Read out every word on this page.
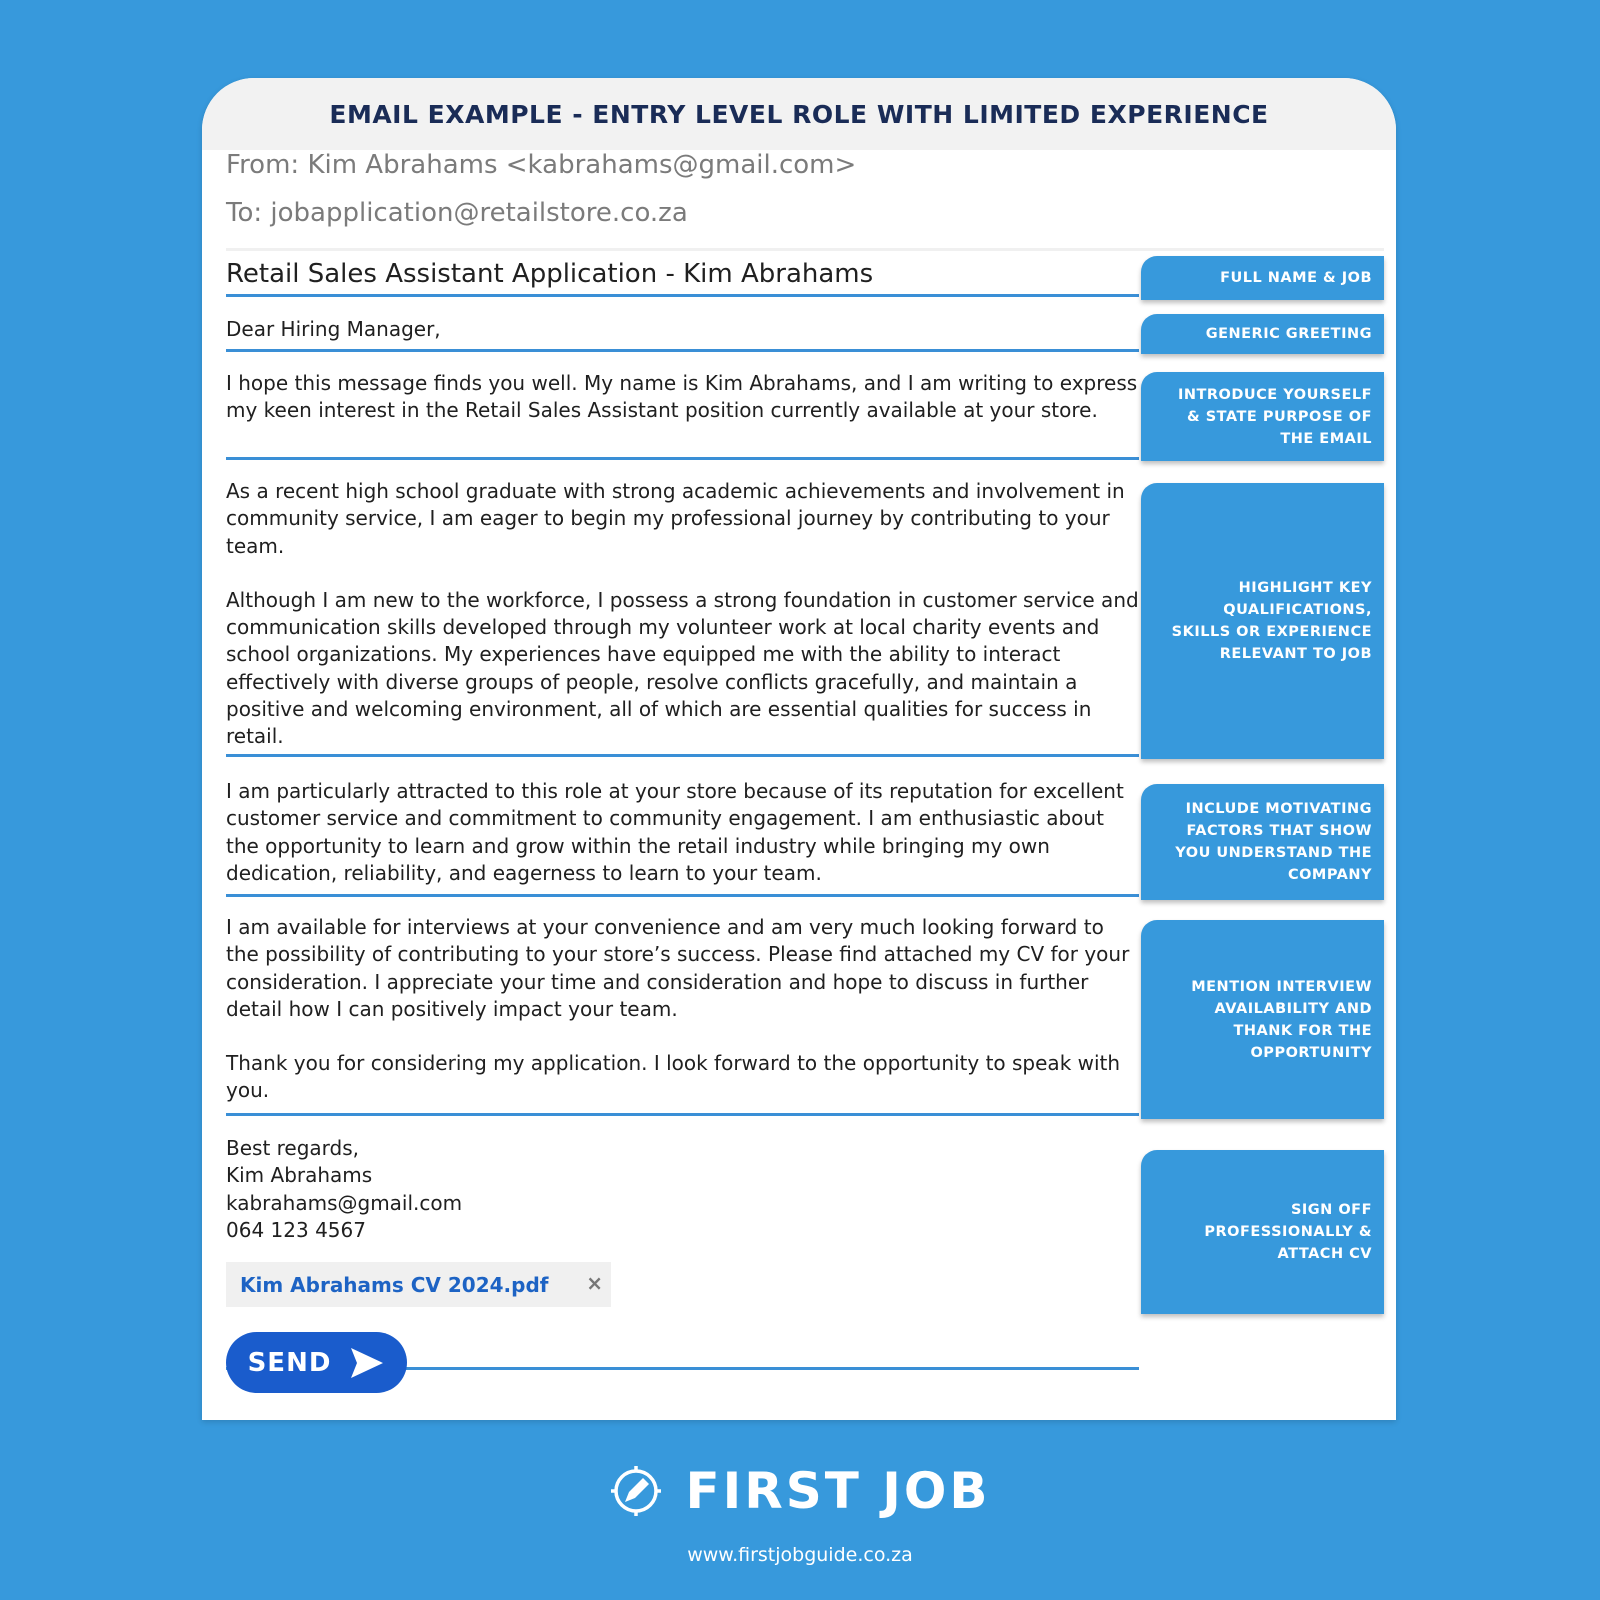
EMAIL EXAMPLE - ENTRY LEVEL ROLE WITH LIMITED EXPERIENCE
From: Kim Abrahams <kabrahams@gmail.com>
To: jobapplication@retailstore.co.za
Retail Sales Assistant Application - Kim Abrahams

Dear Hiring Manager,

I hope this message finds you well. My name is Kim Abrahams, and I am writing to express my keen interest in the Retail Sales Assistant position currently available at your store.

As a recent high school graduate with strong academic achievements and involvement in community service, I am eager to begin my professional journey by contributing to your team.

Although I am new to the workforce, I possess a strong foundation in customer service and communication skills developed through my volunteer work at local charity events and school organizations. My experiences have equipped me with the ability to interact effectively with diverse groups of people, resolve conflicts gracefully, and maintain a positive and welcoming environment, all of which are essential qualities for success in retail.

I am particularly attracted to this role at your store because of its reputation for excellent customer service and commitment to community engagement. I am enthusiastic about the opportunity to learn and grow within the retail industry while bringing my own dedication, reliability, and eagerness to learn to your team.

I am available for interviews at your convenience and am very much looking forward to the possibility of contributing to your store’s success. Please find attached my CV for your consideration. I appreciate your time and consideration and hope to discuss in further detail how I can positively impact your team.

Thank you for considering my application. I look forward to the opportunity to speak with you.

Best regards,
Kim Abrahams
kabrahams@gmail.com
064 123 4567
Kim Abrahams CV 2024.pdf ×
SEND
FULL NAME & JOB
GENERIC GREETING
INTRODUCE YOURSELF
& STATE PURPOSE OF
THE EMAIL
HIGHLIGHT KEY
QUALIFICATIONS,
SKILLS OR EXPERIENCE
RELEVANT TO JOB
INCLUDE MOTIVATING
FACTORS THAT SHOW
YOU UNDERSTAND THE
COMPANY
MENTION INTERVIEW
AVAILABILITY AND
THANK FOR THE
OPPORTUNITY
SIGN OFF
PROFESSIONALLY &
ATTACH CV
FIRST JOB
www.firstjobguide.co.za
